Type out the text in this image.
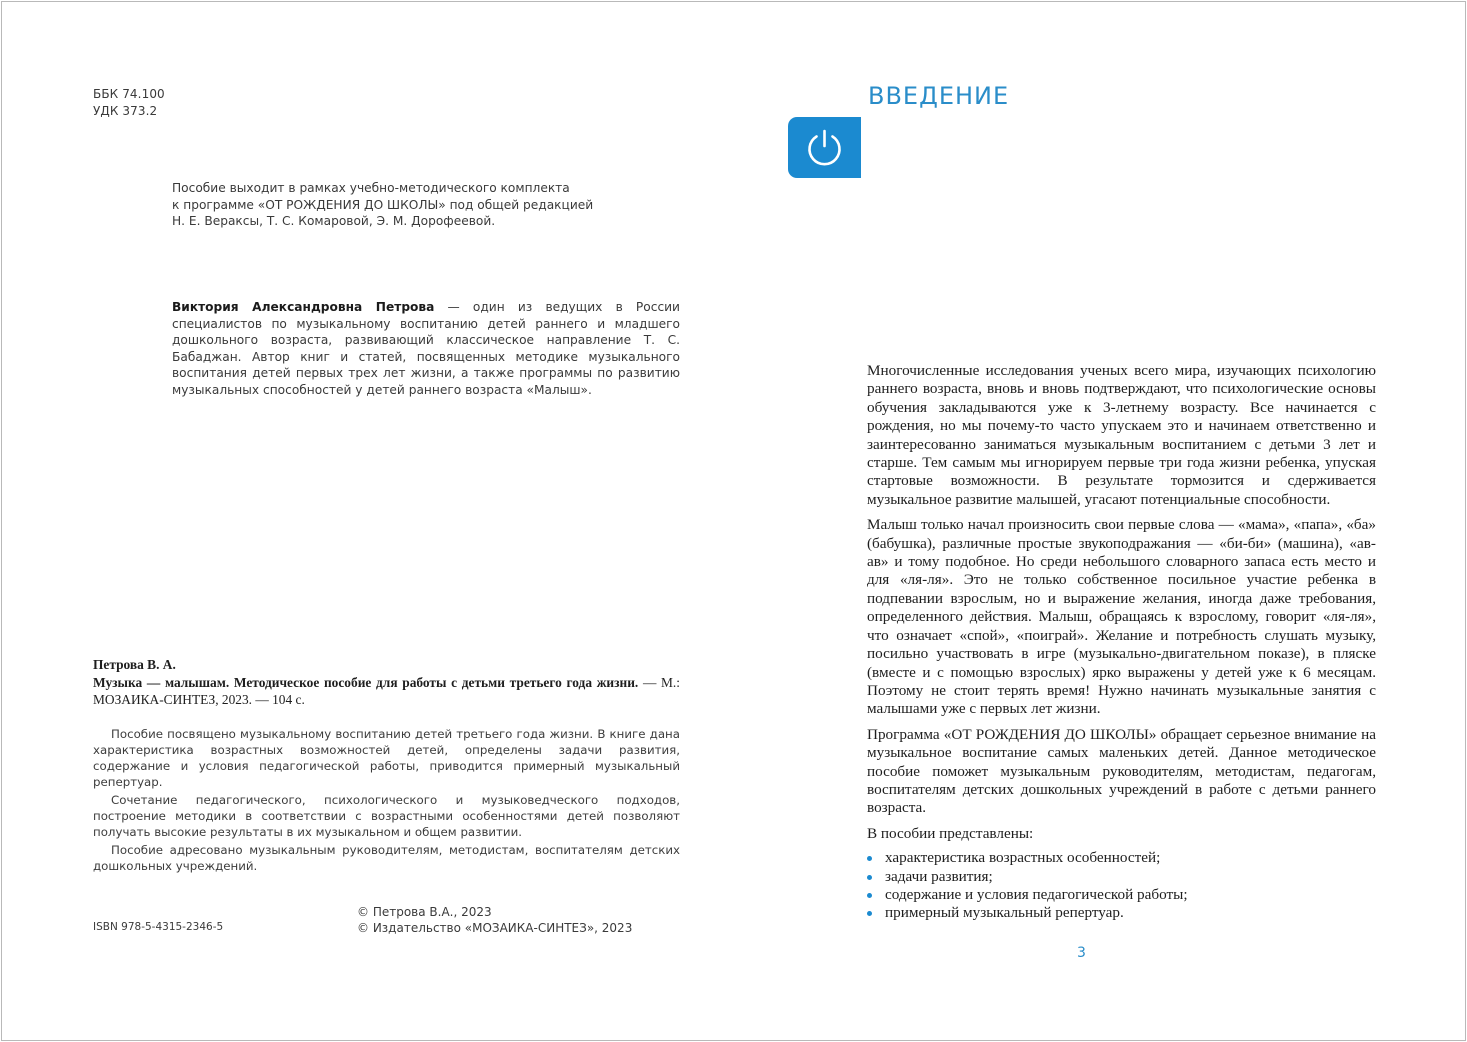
ББК 74.100
УДК 373.2
Пособие выходит в рамках учебно-методического комплекта
к программе «ОТ РОЖДЕНИЯ ДО ШКОЛЫ» под общей редакцией
Н. Е. Вераксы, Т. С. Комаровой, Э. М. Дорофеевой.
Виктория Александровна Петрова — один из ведущих в России специалистов по музыкальному воспитанию детей раннего и младшего дошкольного возраста, развивающий классическое направление Т. С. Бабаджан. Автор книг и статей, посвященных методике музыкального воспитания детей первых трех лет жизни, а также программы по развитию музыкальных способностей у детей раннего возраста «Малыш».
Петрова В. А.
Музыка — малышам. Методическое пособие для работы с детьми третьего года жизни. — М.: МОЗАИКА-СИНТЕЗ, 2023. — 104 с.

Пособие посвящено музыкальному воспитанию детей третьего года жизни. В книге дана характеристика возрастных возможностей детей, определены задачи развития, содержание и условия педагогической работы, приводится примерный музыкальный репертуар.

Сочетание педагогического, психологического и музыковедческого подходов, построение методики в соответствии с возрастными особенностями детей позволяют получать высокие результаты в их музыкальном и общем развитии.

Пособие адресовано музыкальным руководителям, методистам, воспитателям детских дошкольных учреждений.

ISBN 978-5-4315-2346-5
© Петрова В.А., 2023
© Издательство «МОЗАИКА-СИНТЕЗ», 2023
ВВЕДЕНИЕ

Многочисленные исследования ученых всего мира, изучающих психологию раннего возраста, вновь и вновь подтверждают, что психологические основы обучения закладываются уже к 3-летнему возрасту. Все начинается с рождения, но мы почему-то часто упускаем это и начинаем ответственно и заинтересованно заниматься музыкальным воспитанием с детьми 3 лет и старше. Тем самым мы игнорируем первые три года жизни ребенка, упуская стартовые возможности. В результате тормозится и сдерживается музыкальное развитие малышей, угасают потенциальные способности.

Малыш только начал произносить свои первые слова — «мама», «папа», «ба» (бабушка), различные простые звукоподражания — «би-би» (машина), «ав-ав» и тому подобное. Но среди небольшого словарного запаса есть место и для «ля-ля». Это не только собственное посильное участие ребенка в подпевании взрослым, но и выражение желания, иногда даже требования, определенного действия. Малыш, обращаясь к взрослому, говорит «ля-ля», что означает «спой», «поиграй». Желание и потребность слушать музыку, посильно участвовать в игре (музыкально-двигательном показе), в пляске (вместе и с помощью взрослых) ярко выражены у детей уже к 6 месяцам. Поэтому не стоит терять время! Нужно начинать музыкальные занятия с малышами уже с первых лет жизни.

Программа «ОТ РОЖДЕНИЯ ДО ШКОЛЫ» обращает серьезное внимание на музыкальное воспитание самых маленьких детей. Данное методическое пособие поможет музыкальным руководителям, методистам, педагогам, воспитателям детских дошкольных учреждений в работе с детьми раннего возраста.

В пособии представлены:

характеристика возрастных особенностей;
задачи развития;
содержание и условия педагогической работы;
примерный музыкальный репертуар.
3
